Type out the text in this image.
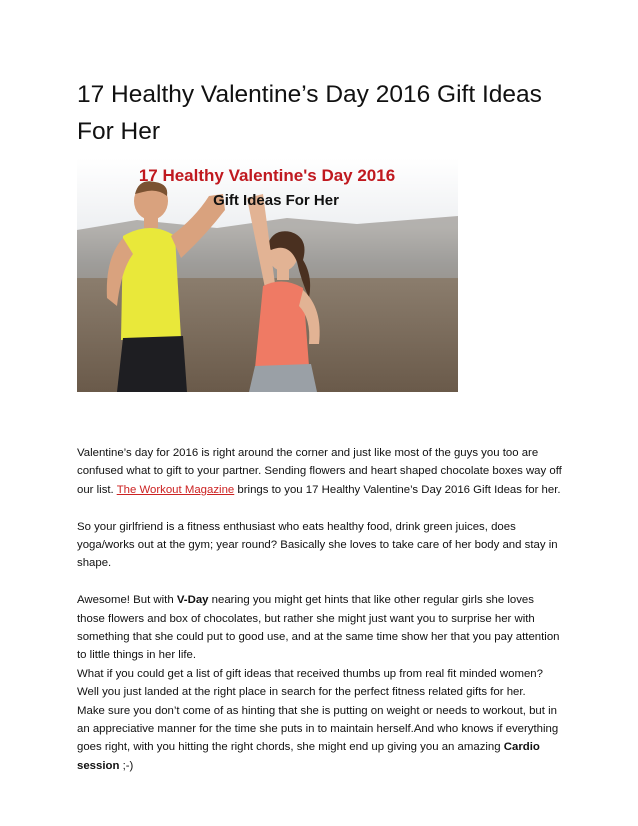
17 Healthy Valentine’s Day 2016 Gift Ideas For Her
17 Healthy Valentine's Day 2016
Gift Ideas For Her

Valentine’s day for 2016 is right around the corner and just like most of the guys you too are confused what to gift to your partner. Sending flowers and heart shaped chocolate boxes way off our list. The Workout Magazine brings to you 17 Healthy Valentine’s Day 2016 Gift Ideas for her.

So your girlfriend is a fitness enthusiast who eats healthy food, drink green juices, does yoga/works out at the gym; year round? Basically she loves to take care of her body and stay in shape.

Awesome! But with V-Day nearing you might get hints that like other regular girls she loves those flowers and box of chocolates, but rather she might just want you to surprise her with something that she could put to good use, and at the same time show her that you pay attention to little things in her life.

What if you could get a list of gift ideas that received thumbs up from real fit minded women?

Well you just landed at the right place in search for the perfect fitness related gifts for her.

Make sure you don’t come of as hinting that she is putting on weight or needs to workout, but in an appreciative manner for the time she puts in to maintain herself.And who knows if everything goes right, with you hitting the right chords, she might end up giving you an amazing Cardio session ;-)
